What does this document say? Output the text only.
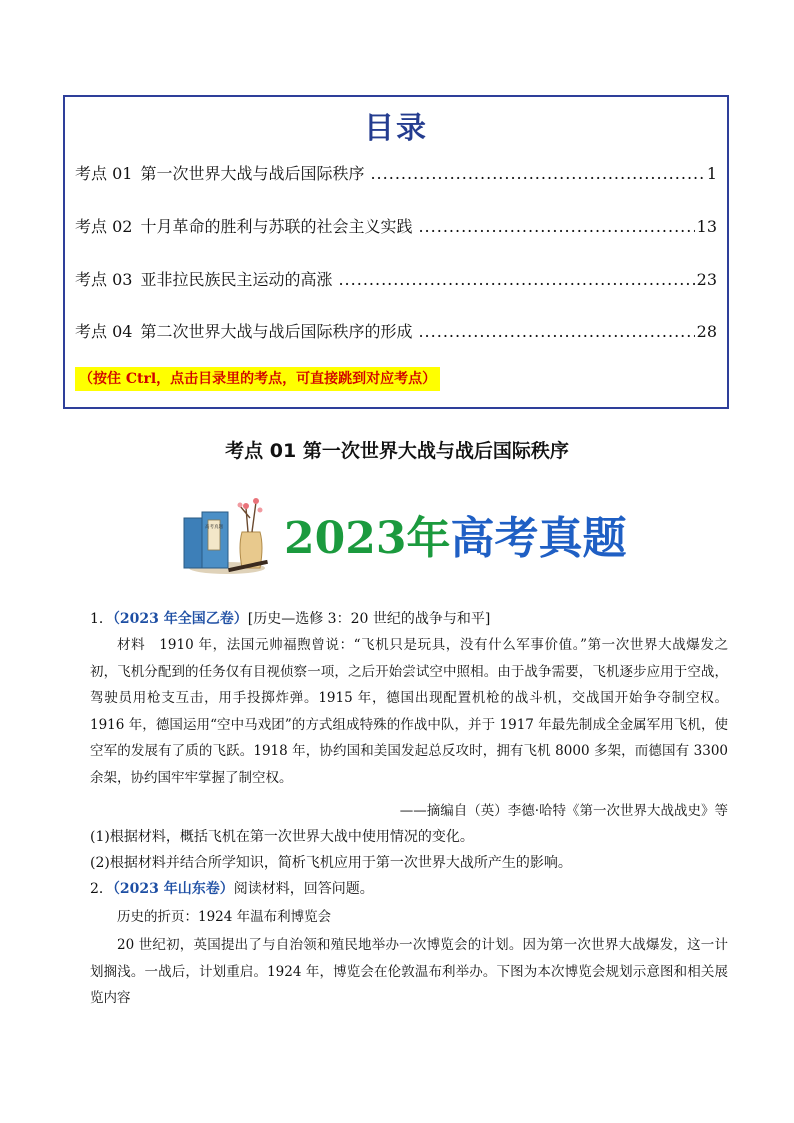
目录
考点 01 第一次世界大战与战后国际秩序 .....	1
考点 02 十月革命的胜利与苏联的社会主义实践 .....	13
考点 03 亚非拉民族民主运动的高涨 .....	23
考点 04 第二次世界大战与战后国际秩序的形成 .....	28
（按住 Ctrl，点击目录里的考点，可直接跳到对应考点）
考点 01 第一次世界大战与战后国际秩序
高考真题 2023年高考真题
1．（2023 年全国乙卷）[历史—选修 3：20 世纪的战争与和平]
材料　1910 年，法国元帅福煦曾说：“飞机只是玩具，没有什么军事价值。”第一次世界大战爆发之初，飞机分配到的任务仅有目视侦察一项，之后开始尝试空中照相。由于战争需要，飞机逐步应用于空战，驾驶员用枪支互击，用手投掷炸弹。1915 年，德国出现配置机枪的战斗机，交战国开始争夺制空权。1916 年，德国运用“空中马戏团”的方式组成特殊的作战中队，并于 1917 年最先制成全金属军用飞机，使空军的发展有了质的飞跃。1918 年，协约国和美国发起总反攻时，拥有飞机 8000 多架，而德国有 3300 余架，协约国牢牢掌握了制空权。
——摘编自（英）李德·哈特《第一次世界大战战史》等
(1)根据材料，概括飞机在第一次世界大战中使用情况的变化。
(2)根据材料并结合所学知识，简析飞机应用于第一次世界大战所产生的影响。
2．（2023 年山东卷）阅读材料，回答问题。
历史的折页：1924 年温布利博览会
20 世纪初，英国提出了与自治领和殖民地举办一次博览会的计划。因为第一次世界大战爆发，这一计划搁浅。一战后，计划重启。1924 年，博览会在伦敦温布利举办。下图为本次博览会规划示意图和相关展览内容
